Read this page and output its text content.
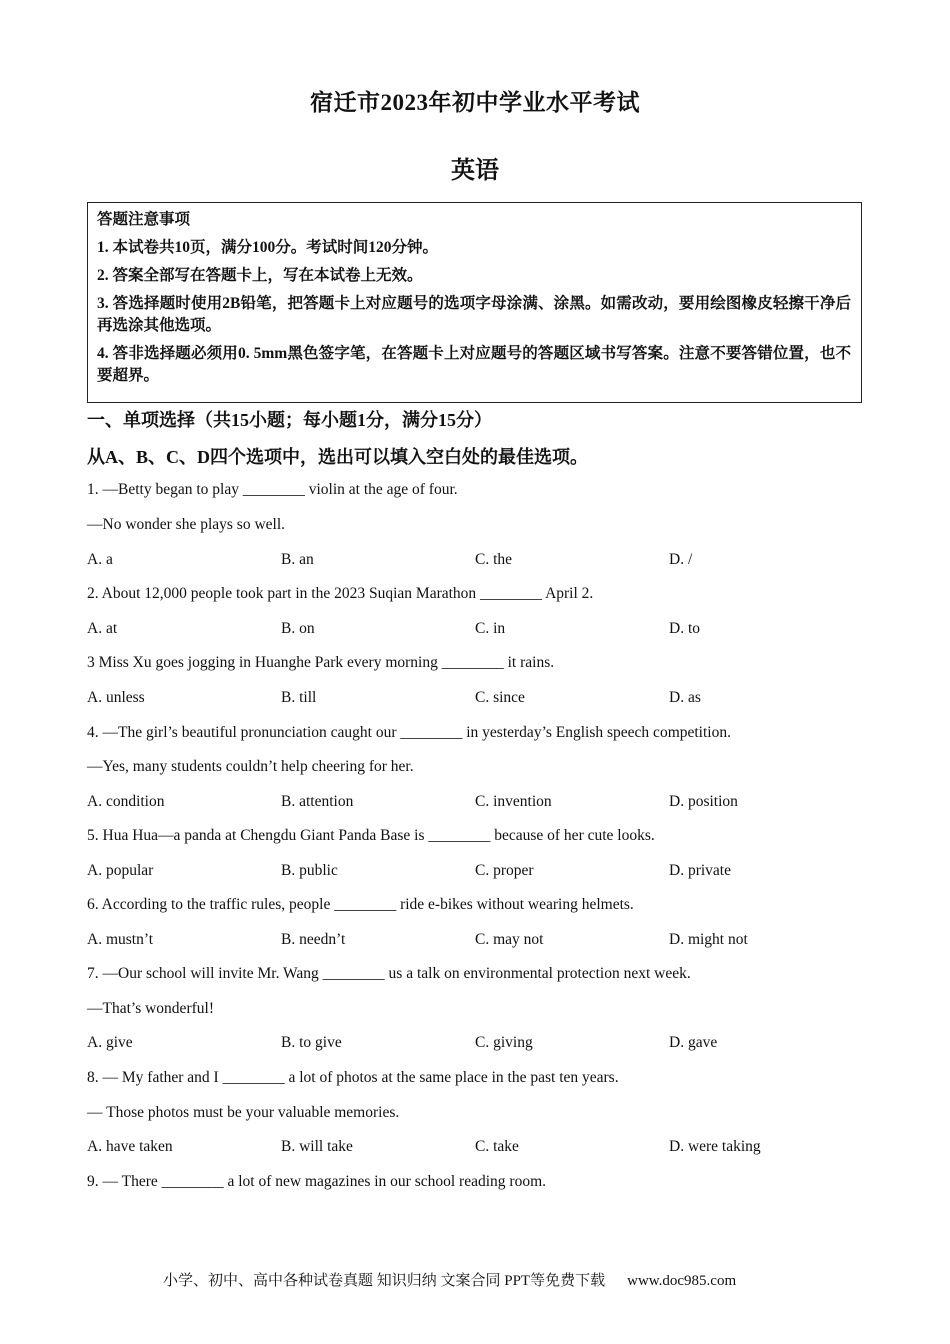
宿迁市2023年初中学业水平考试
英语
答题注意事项
1. 本试卷共10页，满分100分。考试时间120分钟。
2. 答案全部写在答题卡上，写在本试卷上无效。
3. 答选择题时使用2B铅笔，把答题卡上对应题号的选项字母涂满、涂黑。如需改动，要用绘图橡皮轻擦干净后再选涂其他选项。
4. 答非选择题必须用0. 5mm黑色签字笔，在答题卡上对应题号的答题区域书写答案。注意不要答错位置，也不要超界。
一、单项选择（共15小题；每小题1分，满分15分）
从A、B、C、D四个选项中，选出可以填入空白处的最佳选项。
1. —Betty began to play ________ violin at the age of four.
—No wonder she plays so well.
A. a	B. an	C. the	D. /
2. About 12,000 people took part in the 2023 Suqian Marathon ________ April 2.
A. at	B. on	C. in	D. to
3 Miss Xu goes jogging in Huanghe Park every morning ________ it rains.
A. unless	B. till	C. since	D. as
4. —The girl’s beautiful pronunciation caught our ________ in yesterday’s English speech competition.
—Yes, many students couldn’t help cheering for her.
A. condition	B. attention	C. invention	D. position
5. Hua Hua—a panda at Chengdu Giant Panda Base is ________ because of her cute looks.
A. popular	B. public	C. proper	D. private
6. According to the traffic rules, people ________ ride e-bikes without wearing helmets.
A. mustn’t	B. needn’t	C. may not	D. might not
7. —Our school will invite Mr. Wang ________ us a talk on environmental protection next week.
—That’s wonderful!
A. give	B. to give	C. giving	D. gave
8. — My father and I ________ a lot of photos at the same place in the past ten years.
— Those photos must be your valuable memories.
A. have taken	B. will take	C. take	D. were taking
9. — There ________ a lot of new magazines in our school reading room.
小学、初中、高中各种试卷真题 知识归纳 文案合同 PPT等免费下载 www.doc985.com
